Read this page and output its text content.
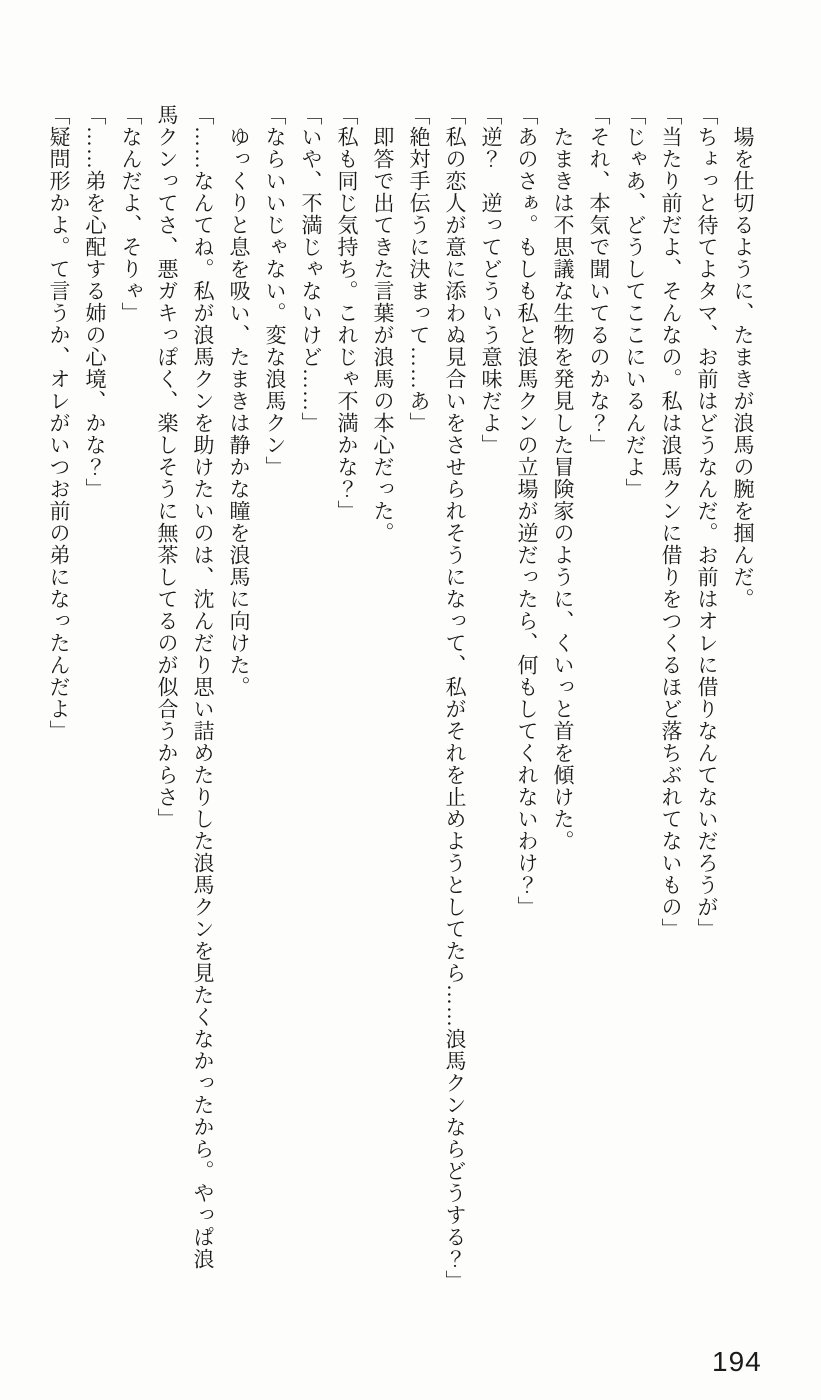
場を仕切るように、たまきが浪馬の腕を掴んだ。

「ちょっと待てよタマ、お前はどうなんだ。お前はオレに借りなんてないだろうが」

「当たり前だよ、そんなの。私は浪馬クンに借りをつくるほど落ちぶれてないもの」

「じゃあ、どうしてここにいるんだよ」

「それ、本気で聞いてるのかな？」

たまきは不思議な生物を発見した冒険家のように、くいっと首を傾けた。

「あのさぁ。もしも私と浪馬クンの立場が逆だったら、何もしてくれないわけ？」

「逆？　逆ってどういう意味だよ」

「私の恋人が意に添わぬ見合いをさせられそうになって、私がそれを止めようとしてたら……浪馬クンならどうする？」

「絶対手伝うに決まって……あ」

即答で出てきた言葉が浪馬の本心だった。

「私も同じ気持ち。これじゃ不満かな？」

「いや、不満じゃないけど……」

「ならいいじゃない。変な浪馬クン」

ゆっくりと息を吸い、たまきは静かな瞳を浪馬に向けた。

「……なんてね。私が浪馬クンを助けたいのは、沈んだり思い詰めたりした浪馬クンを見たくなかったから。やっぱ浪

馬クンってさ、悪ガキっぽく、楽しそうに無茶してるのが似合うからさ」

「なんだよ、そりゃ」

「……弟を心配する姉の心境、かな？」

「疑問形かよ。て言うか、オレがいつお前の弟になったんだよ」

194
